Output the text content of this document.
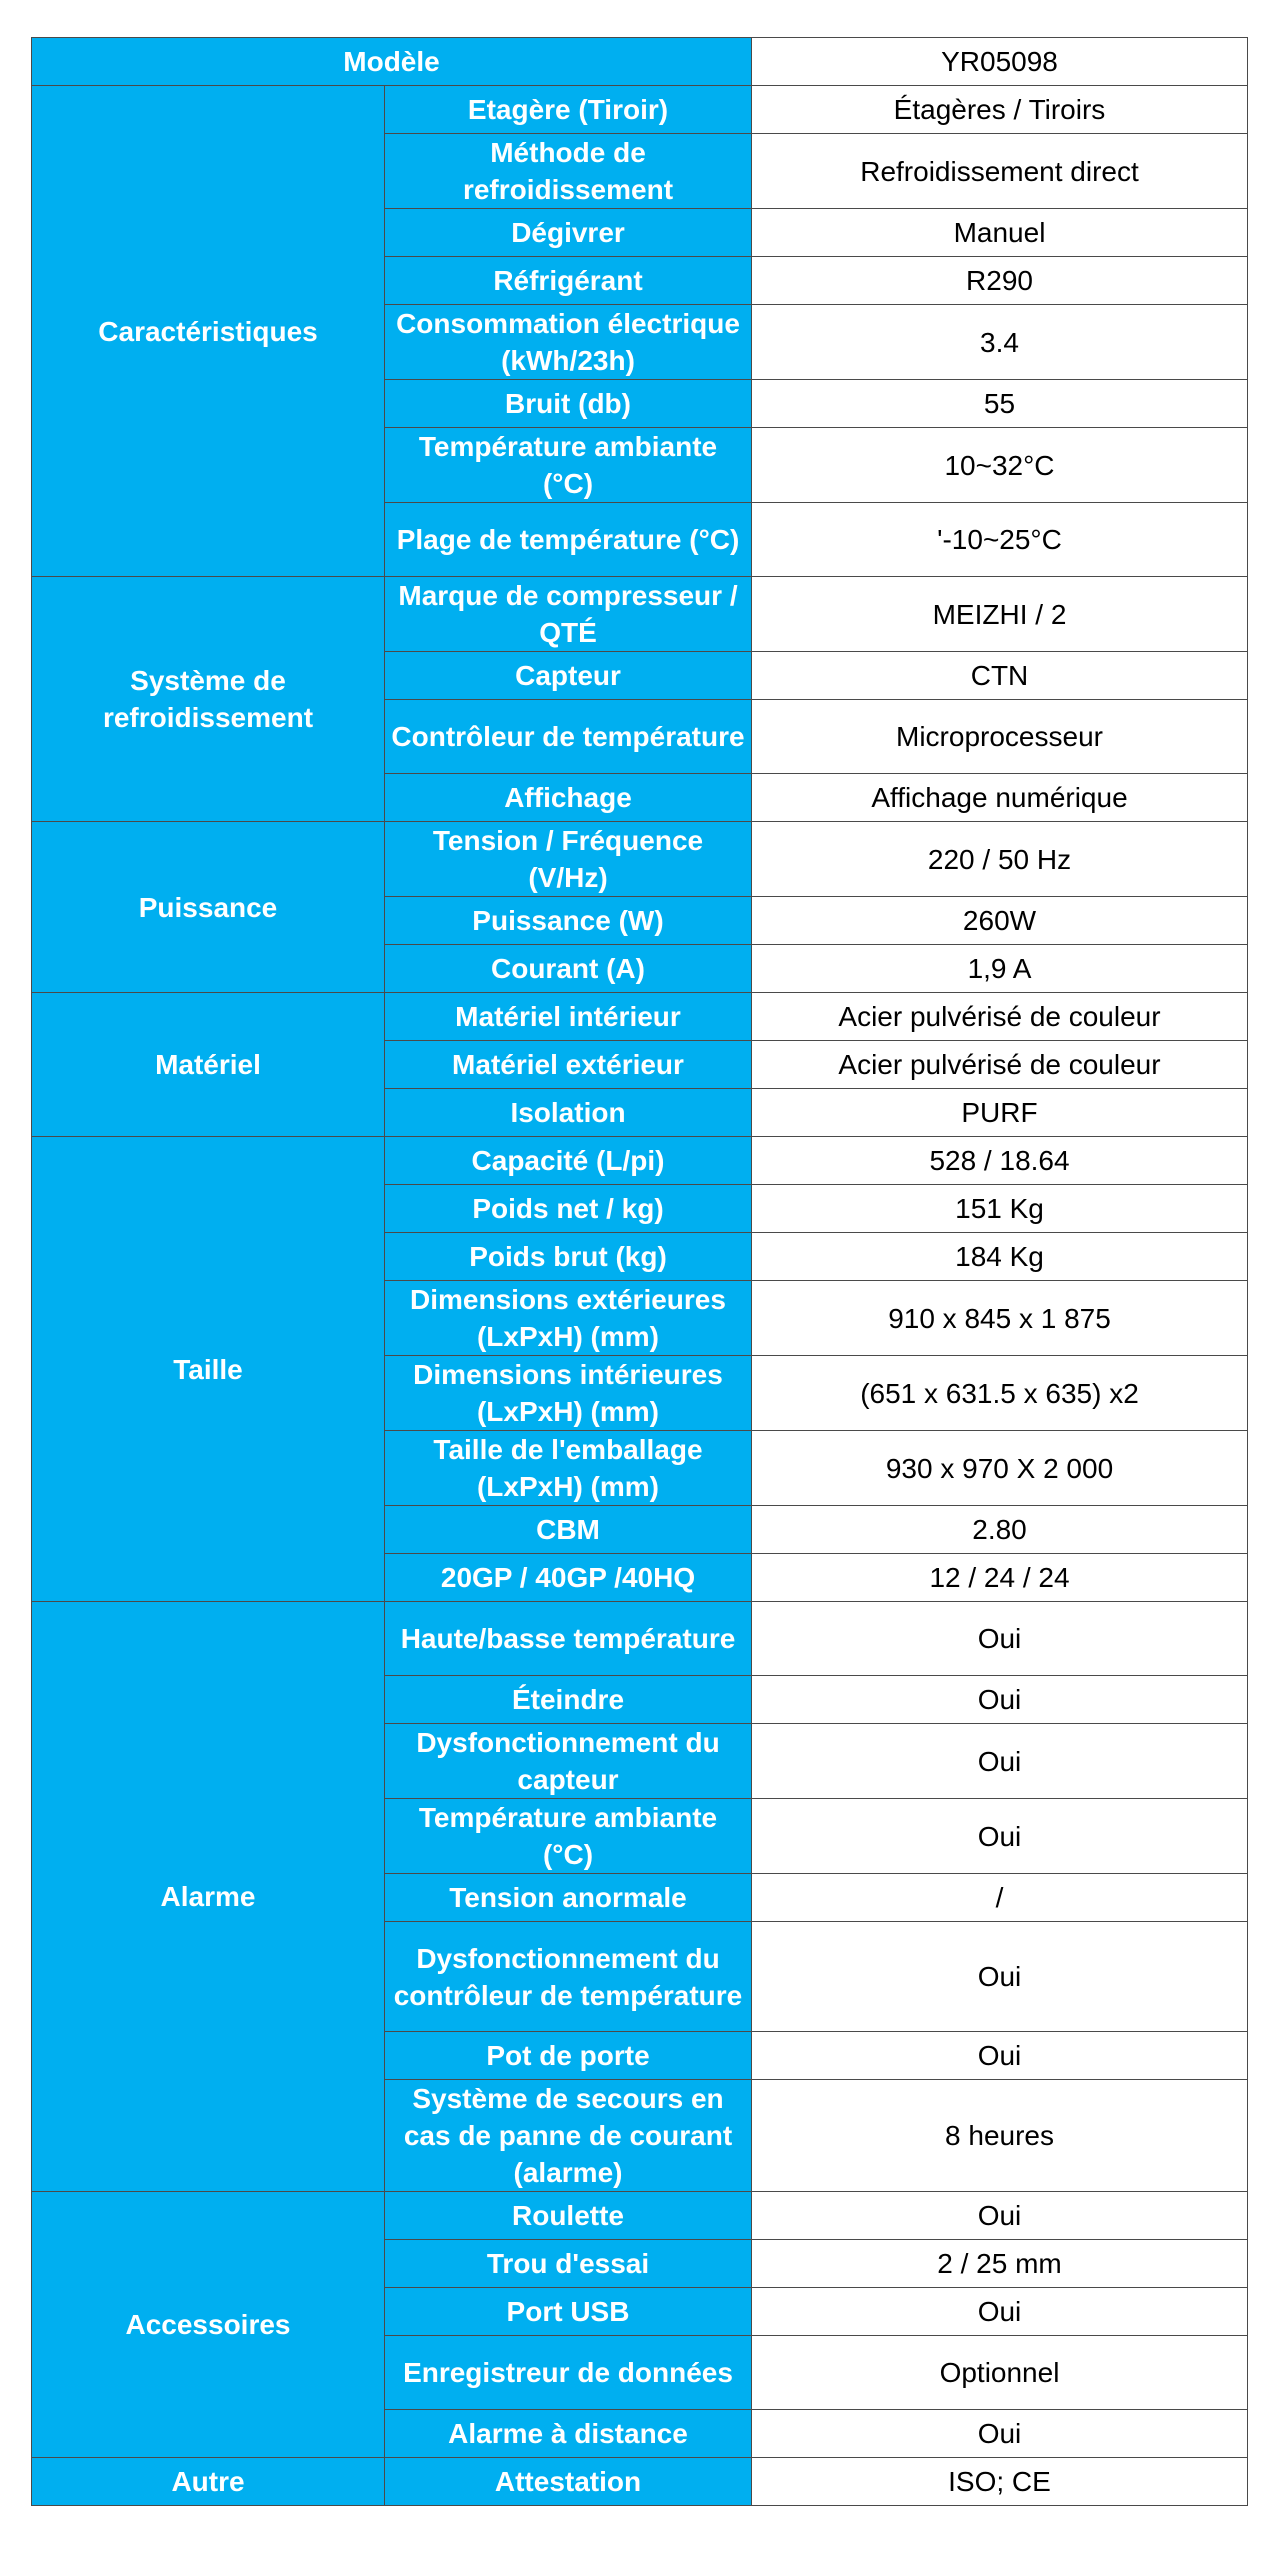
Modèle		YR05098
Caractéristiques	Etagère (Tiroir)	Étagères / Tiroirs
	Méthode de refroidissement	Refroidissement direct
	Dégivrer	Manuel
	Réfrigérant	R290
	Consommation électrique (kWh/23h)	3.4
	Bruit (db)	55
	Température ambiante (°C)	10~32°C
	Plage de température (°C)	'-10~25°C
Système de refroidissement	Marque de compresseur / QTÉ	MEIZHI / 2
	Capteur	CTN
	Contrôleur de température	Microprocesseur
	Affichage	Affichage numérique
Puissance	Tension / Fréquence (V/Hz)	220 / 50 Hz
	Puissance (W)	260W
	Courant (A)	1,9 A
Matériel	Matériel intérieur	Acier pulvérisé de couleur
	Matériel extérieur	Acier pulvérisé de couleur
	Isolation	PURF
Taille	Capacité (L/pi)	528 / 18.64
	Poids net / kg)	151 Kg
	Poids brut (kg)	184 Kg
	Dimensions extérieures (LxPxH) (mm)	910 x 845 x 1 875
	Dimensions intérieures (LxPxH) (mm)	(651 x 631.5 x 635) x2
	Taille de l'emballage (LxPxH) (mm)	930 x 970 X 2 000
	CBM	2.80
	20GP / 40GP /40HQ	12 / 24 / 24
Alarme	Haute/basse température	Oui
	Éteindre	Oui
	Dysfonctionnement du capteur	Oui
	Température ambiante (°C)	Oui
	Tension anormale	/
	Dysfonctionnement du contrôleur de température	Oui
	Pot de porte	Oui
	Système de secours en cas de panne de courant (alarme)	8 heures
Accessoires	Roulette	Oui
	Trou d'essai	2 / 25 mm
	Port USB	Oui
	Enregistreur de données	Optionnel
	Alarme à distance	Oui
Autre	Attestation	ISO; CE
